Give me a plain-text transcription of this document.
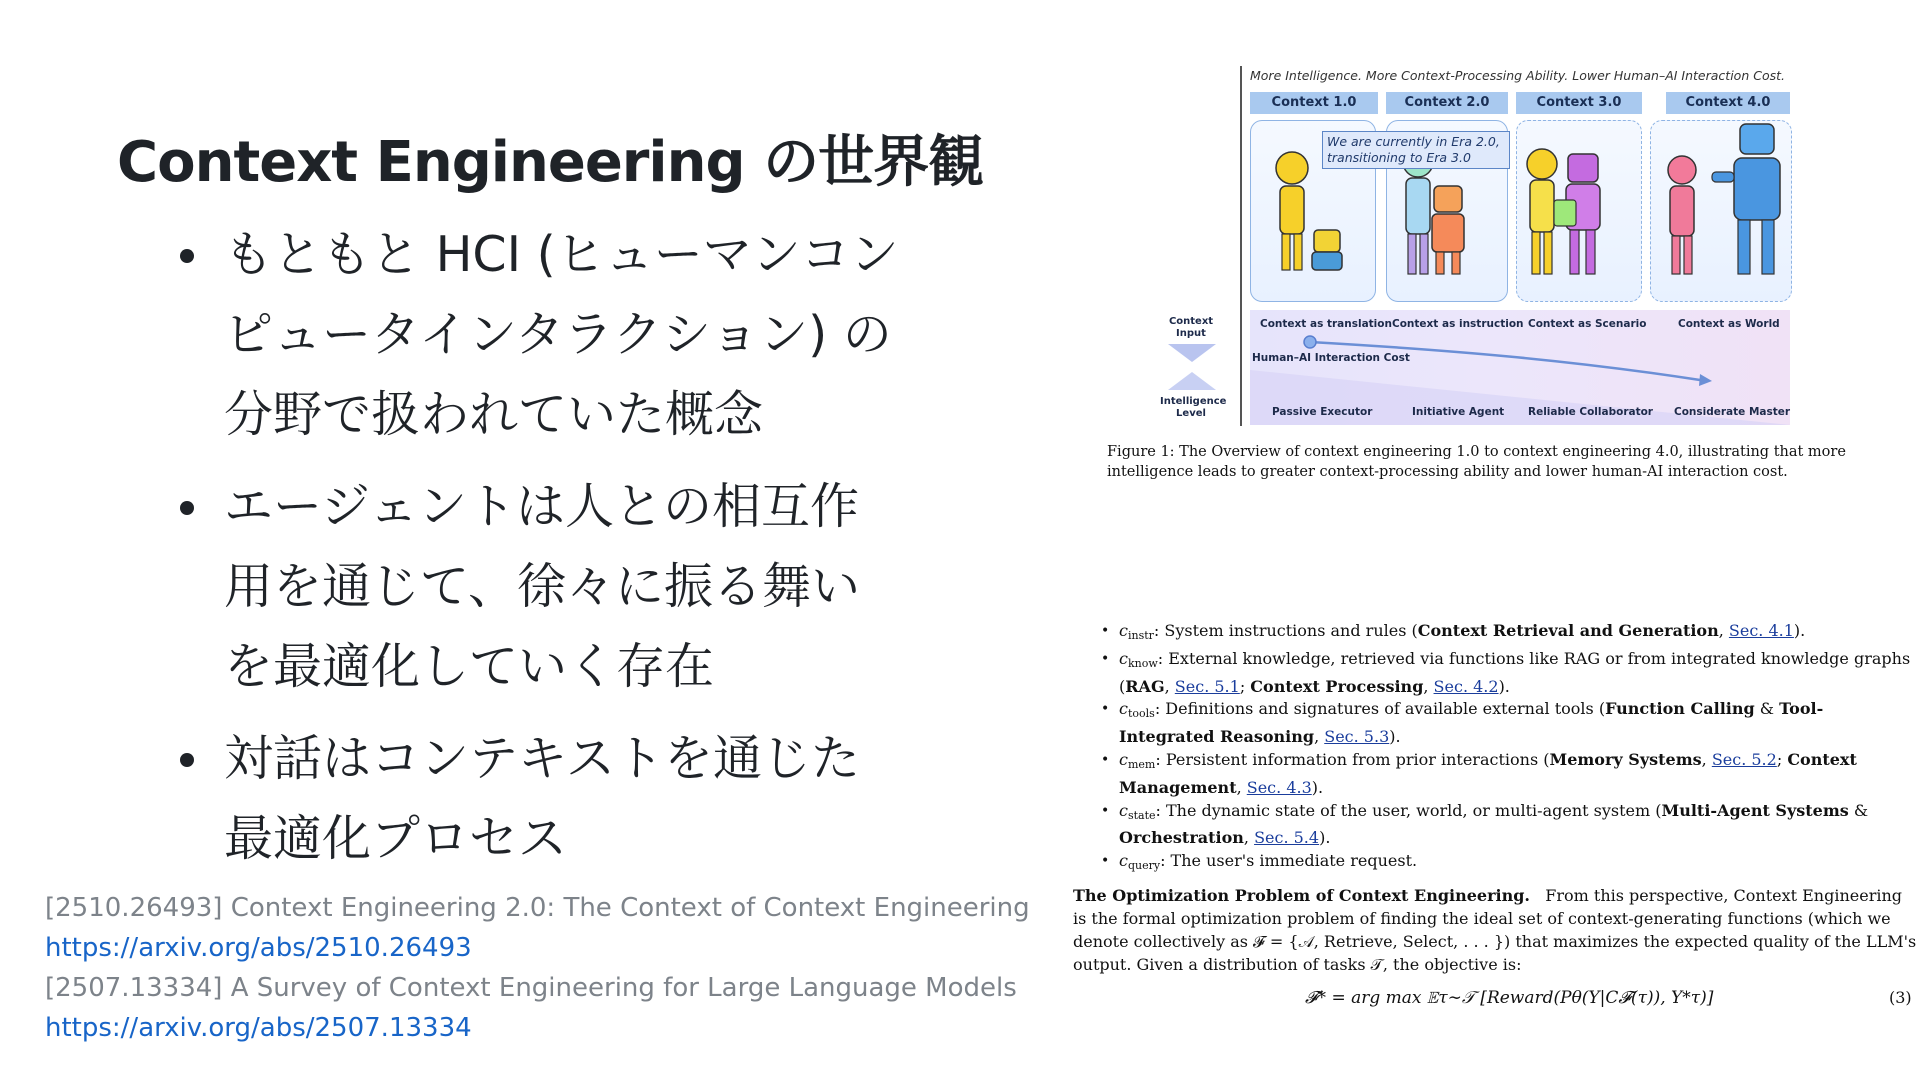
Context Engineering の世界観
もともと HCI (ヒューマンコン
ピュータインタラクション) の
分野で扱われていた概念
エージェントは人との相互作
用を通じて、徐々に振る舞い
を最適化していく存在
対話はコンテキストを通じた
最適化プロセス
[2510.26493] Context Engineering 2.0: The Context of Context Engineering
https://arxiv.org/abs/2510.26493
[2507.13334] A Survey of Context Engineering for Large Language Models
https://arxiv.org/abs/2507.13334
More Intelligence. More Context-Processing Ability. Lower Human–AI Interaction Cost.
Context 1.0	Context 2.0	Context 3.0	Context 4.0
Context as translation Context as instruction Context as Scenario	Context as World
Human–AI Interaction Cost
Passive Executor	Initiative Agent Reliable Collaborator Considerate Master
Context Input
Intelligence Level
We are currently in Era 2.0, transitioning to Era 3.0
Figure 1: The Overview of context engineering 1.0 to context engineering 4.0, illustrating that more intelligence leads to greater context-processing ability and lower human-AI interaction cost.
• $c_{instr}$: System instructions and rules (Context Retrieval and Generation, Sec. 4.1).
• $c_{know}$: External knowledge, retrieved via functions like RAG or from integrated knowledge graphs (RAG, Sec. 5.1; Context Processing, Sec. 4.2).
• $c_{tools}$: Definitions and signatures of available external tools (Function Calling & Tool-Integrated Reasoning, Sec. 5.3).
• $c_{mem}$: Persistent information from prior interactions (Memory Systems, Sec. 5.2; Context Management, Sec. 4.3).
• $c_{state}$: The dynamic state of the user, world, or multi-agent system (Multi-Agent Systems & Orchestration, Sec. 5.4).
• $c_{query}$: The user's immediate request.
The Optimization Problem of Context Engineering. From this perspective, Context Engineering is the formal optimization problem of finding the ideal set of context-generating functions (which we denote collectively as 𝓕 = {𝒜, Retrieve, Select, . . . }) that maximizes the expected quality of the LLM's output. Given a distribution of tasks 𝒯, the objective is:
𝓕* = arg max 𝔼τ∼𝒯 [Reward(Pθ(Y|C𝓕(τ)), Y*τ)]	(3)
